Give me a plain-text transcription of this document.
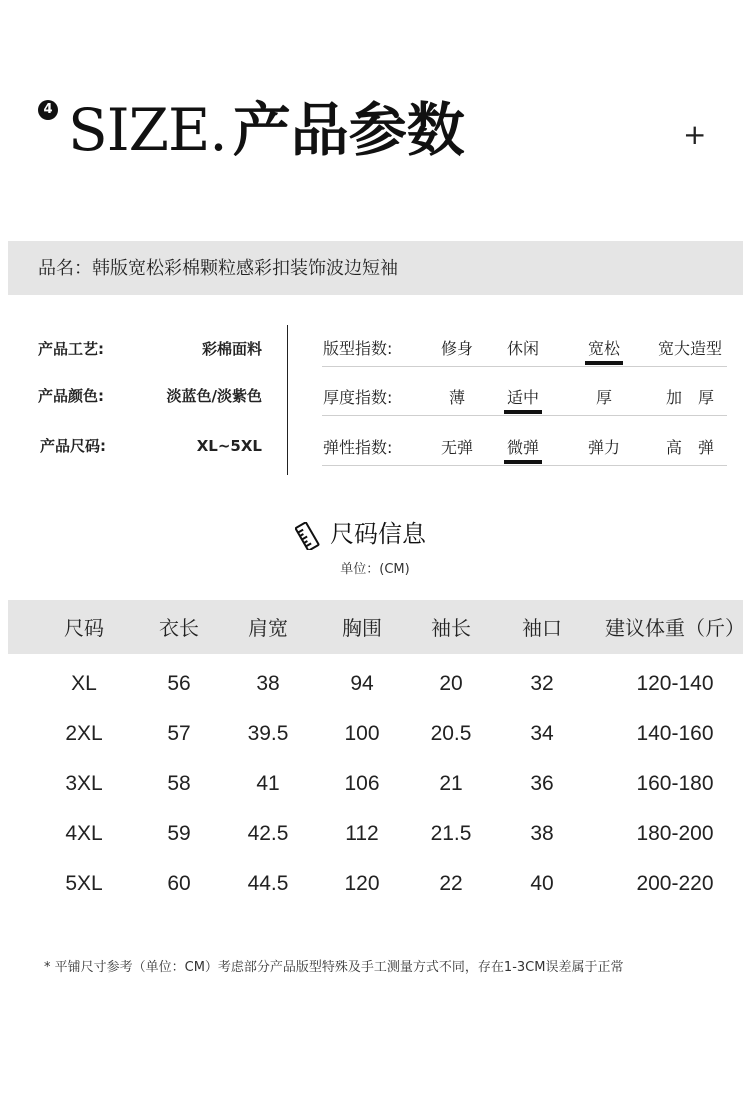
4 SIZE. 产品参数	+
品名：韩版宽松彩棉颗粒感彩扣装饰波边短袖
产品工艺:	彩棉面料
产品颜色:	淡蓝色/淡紫色
产品尺码:	XL~5XL
版型指数:	修身	休闲	宽松	宽大造型
厚度指数:	薄	适中	厚	加　厚
弹性指数:	无弹	微弹	弹力	高　弹
尺码信息
单位：(CM)
尺码	衣长	肩宽	胸围	袖长	袖口	建议体重（斤）
XL	56	38	94	20	32	120-140
2XL	57	39.5	100	20.5	34	140-160
3XL	58	41	106	21	36	160-180
4XL	59	42.5	112	21.5	38	180-200
5XL	60	44.5	120	22	40	200-220
* 平铺尺寸参考（单位：CM）考虑部分产品版型特殊及手工测量方式不同，存在1-3CM误差属于正常
